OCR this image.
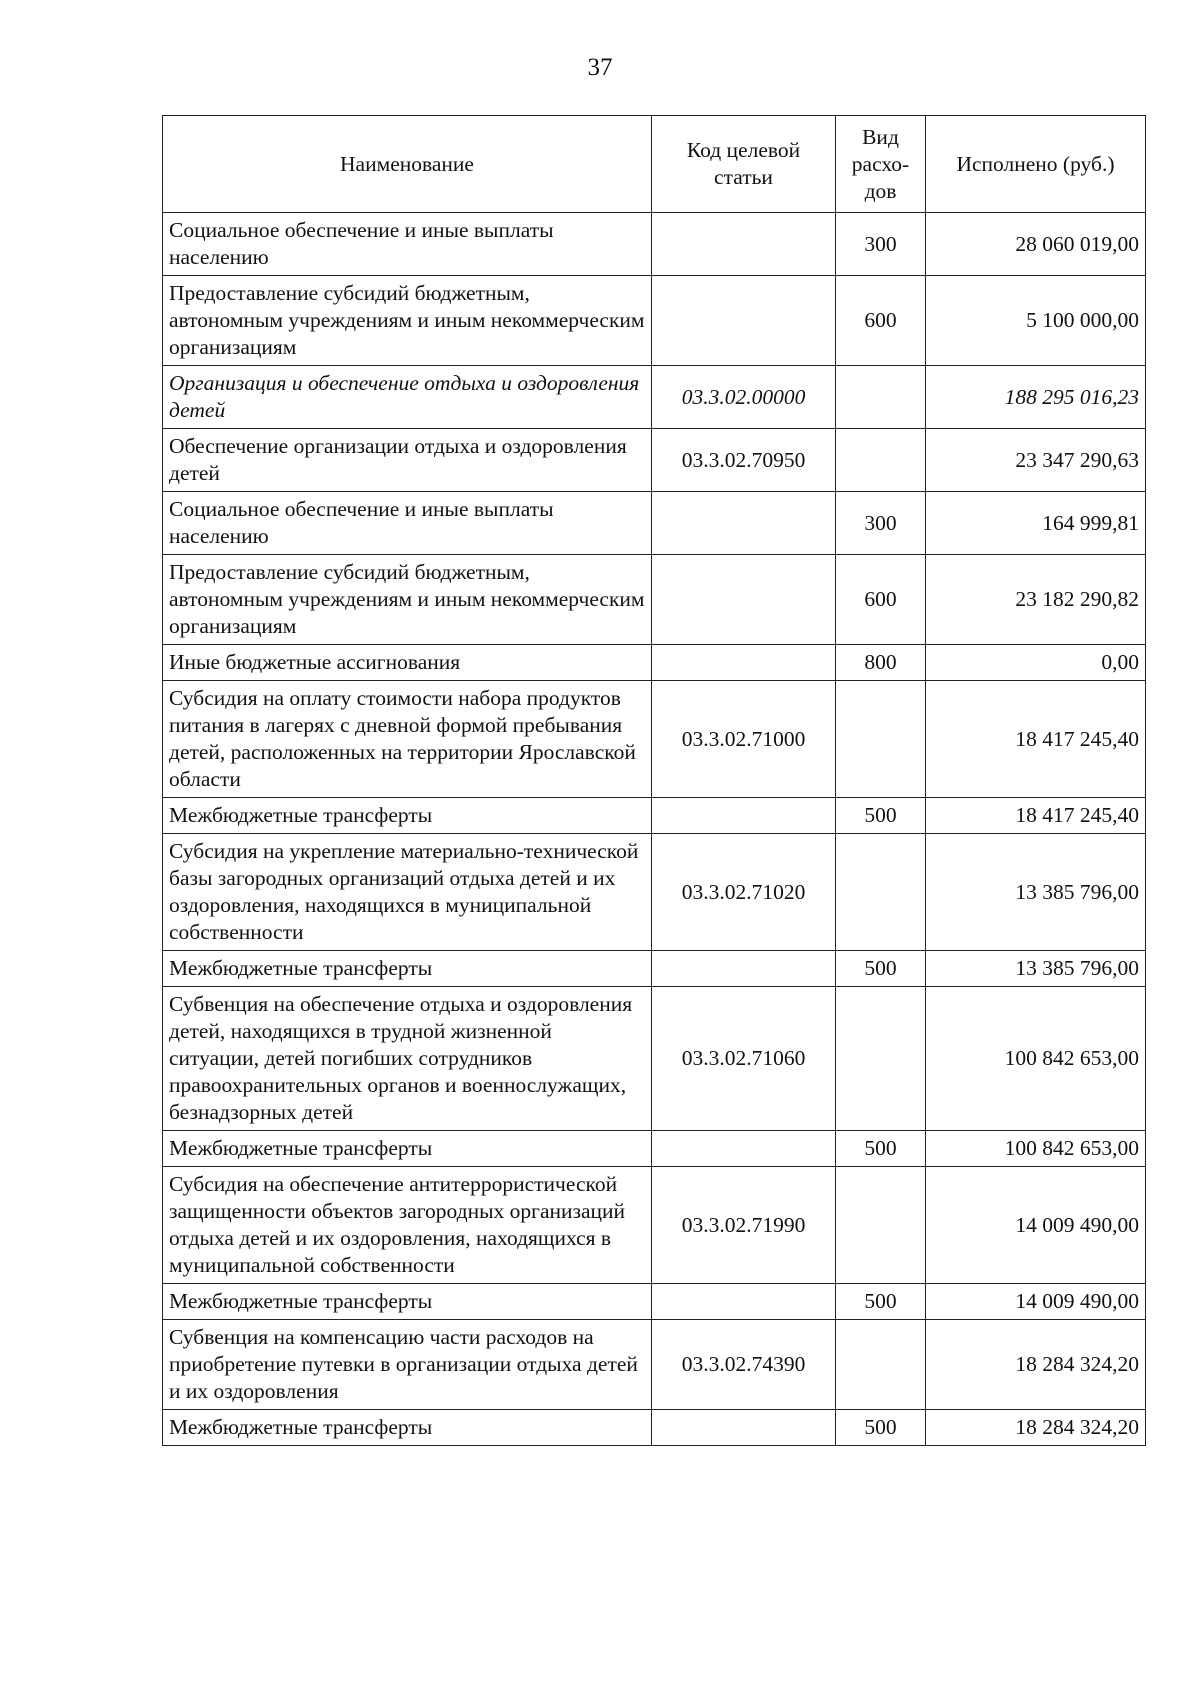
37
Наименование	Код целевой статьи	Вид расхо-дов	Исполнено (руб.)
Социальное обеспечение и иные выплаты населению		300	28 060 019,00
Предоставление субсидий бюджетным, автономным учреждениям и иным некоммерческим организациям		600	5 100 000,00
Организация и обеспечение отдыха и оздоровления детей	03.3.02.00000		188 295 016,23
Обеспечение организации отдыха и оздоровления детей	03.3.02.70950		23 347 290,63
Социальное обеспечение и иные выплаты населению		300	164 999,81
Предоставление субсидий бюджетным, автономным учреждениям и иным некоммерческим организациям		600	23 182 290,82
Иные бюджетные ассигнования		800	0,00
Субсидия на оплату стоимости набора продуктов питания в лагерях с дневной формой пребывания детей, расположенных на территории Ярославской области	03.3.02.71000		18 417 245,40
Межбюджетные трансферты		500	18 417 245,40
Субсидия на укрепление материально-технической базы загородных организаций отдыха детей и их оздоровления, находящихся в муниципальной собственности	03.3.02.71020		13 385 796,00
Межбюджетные трансферты		500	13 385 796,00
Субвенция на обеспечение отдыха и оздоровления детей, находящихся в трудной жизненной ситуации, детей погибших сотрудников правоохранительных органов и военнослужащих, безнадзорных детей	03.3.02.71060		100 842 653,00
Межбюджетные трансферты		500	100 842 653,00
Субсидия на обеспечение антитеррористической защищенности объектов загородных организаций отдыха детей и их оздоровления, находящихся в муниципальной собственности	03.3.02.71990		14 009 490,00
Межбюджетные трансферты		500	14 009 490,00
Субвенция на компенсацию части расходов на приобретение путевки в организации отдыха детей и их оздоровления	03.3.02.74390		18 284 324,20
Межбюджетные трансферты		500	18 284 324,20
